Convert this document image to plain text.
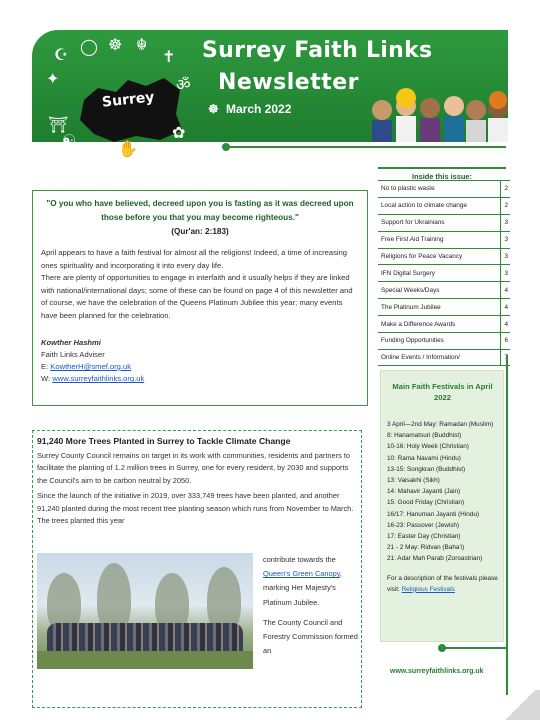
Surrey
☪ ◯ ☸ ☬
✝
✦
⛩
ॐ
✿
☯ ✵ ✋ ✡
Surrey Faith Links
Newsletter
☸ March 2022
"O you who have believed, decreed upon you is fasting as it was decreed upon those before you that you may become righteous."
(Qur'an: 2:183)

April appears to have a faith festival for almost all the religions! Indeed, a time of increasing ones spirituality and incorporating it into every day life.

There are plenty of opportunities to engage in interfaith and it usually helps if they are linked with national/international days; some of these can be found on page 4 of this newsletter and of course, we have the celebration of the Queens Platinum Jubilee this year; many events have been planned for the celebration.

Kowther Hashmi
Faith Links Adviser
E: KowtherH@smef.org.uk
W: www.surreyfaithlinks.org.uk
91,240 More Trees Planted in Surrey to Tackle Climate Change

Surrey County Council remains on target in its work with communities, residents and partners to facilitate the planting of 1.2 million trees in Surrey, one for every resident, by 2030 and supports the Council's aim to be carbon neutral by 2050.

Since the launch of the initiative in 2019, over 333,749 trees have been planted, and another 91,240 planted during the most recent tree planting season which runs from November to March. The trees planted this year

contribute towards the Queen's Green Canopy, marking Her Majesty's Platinum Jubilee.
The County Council and Forestry Commission formed an
Inside this issue:
No to plastic waste	2
Local action to climate change	2
Support for Ukrainians	3
Free First Aid Training	3
Religions for Peace Vacancy	3
IFN Digital Surgery	3
Special Weeks/Days	4
The Platinum Jubilee	4
Make a Difference Awards	4
Funding Opportunities	6
Online Events / Information/
Main Faith Festivals in April 2022
3 April—2nd May: Ramadan (Muslim)
8: Hanamatsuri (Buddhist)
10-16: Holy Week (Christian)
10: Rama Navami (Hindu)
13-15: Songkran (Buddhist)
13: Vaisakhi (Sikh)
14: Mahavir Jayanti (Jain)
15: Good Friday (Christian)
16/17: Hanuman Jayanti (Hindu)
16-23: Passover (Jewish)
17: Easter Day (Christian)
21 - 2 May: Ridvan (Baha'i)
21: Adar Mah Parab (Zoroastrian)
For a description of the festivals please visit: Religious Festivals
www.surreyfaithlinks.org.uk
